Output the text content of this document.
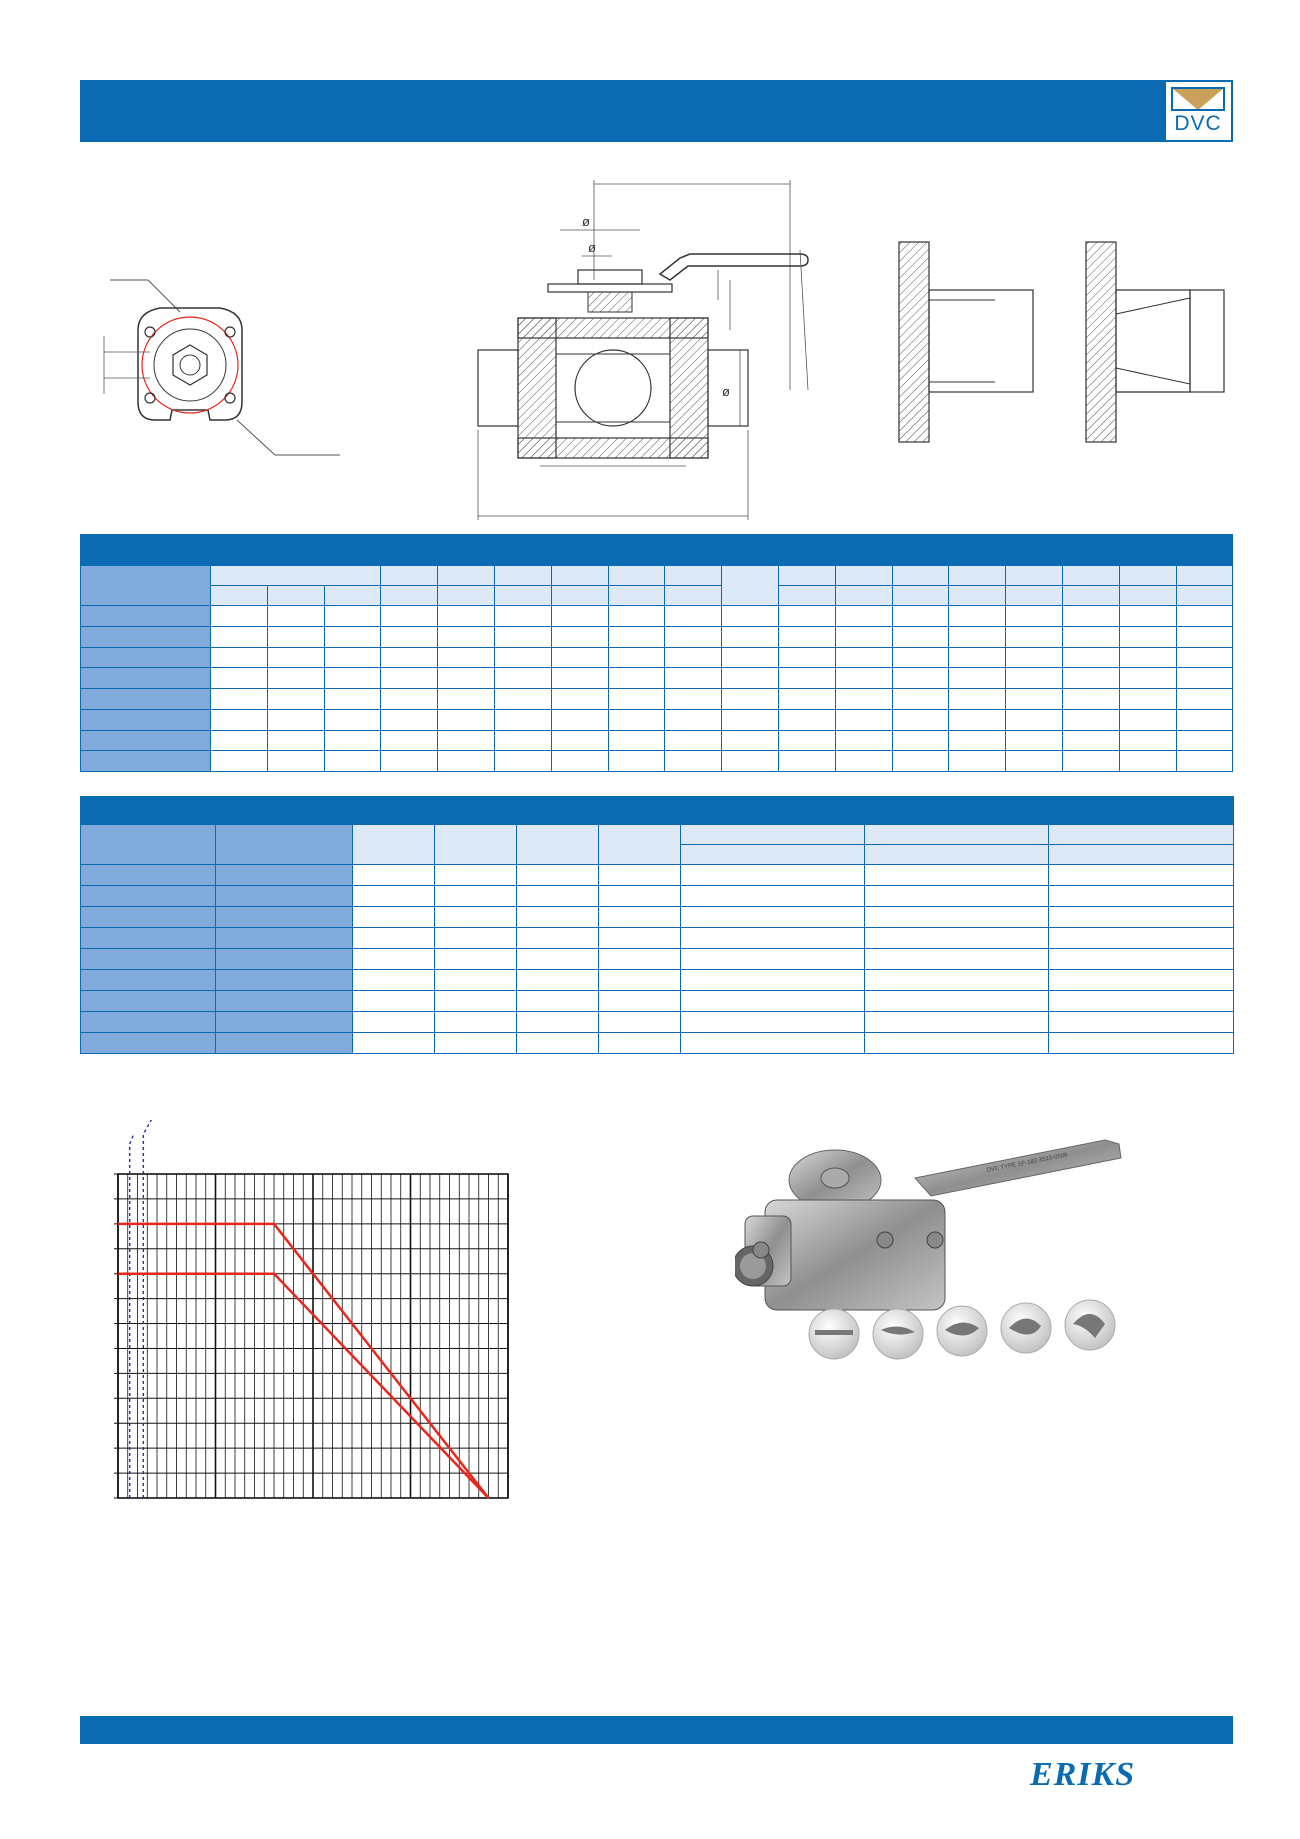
DVC
ø
ø
ø

DVC TYPE SF-180 3S15-0506
ERIKS
